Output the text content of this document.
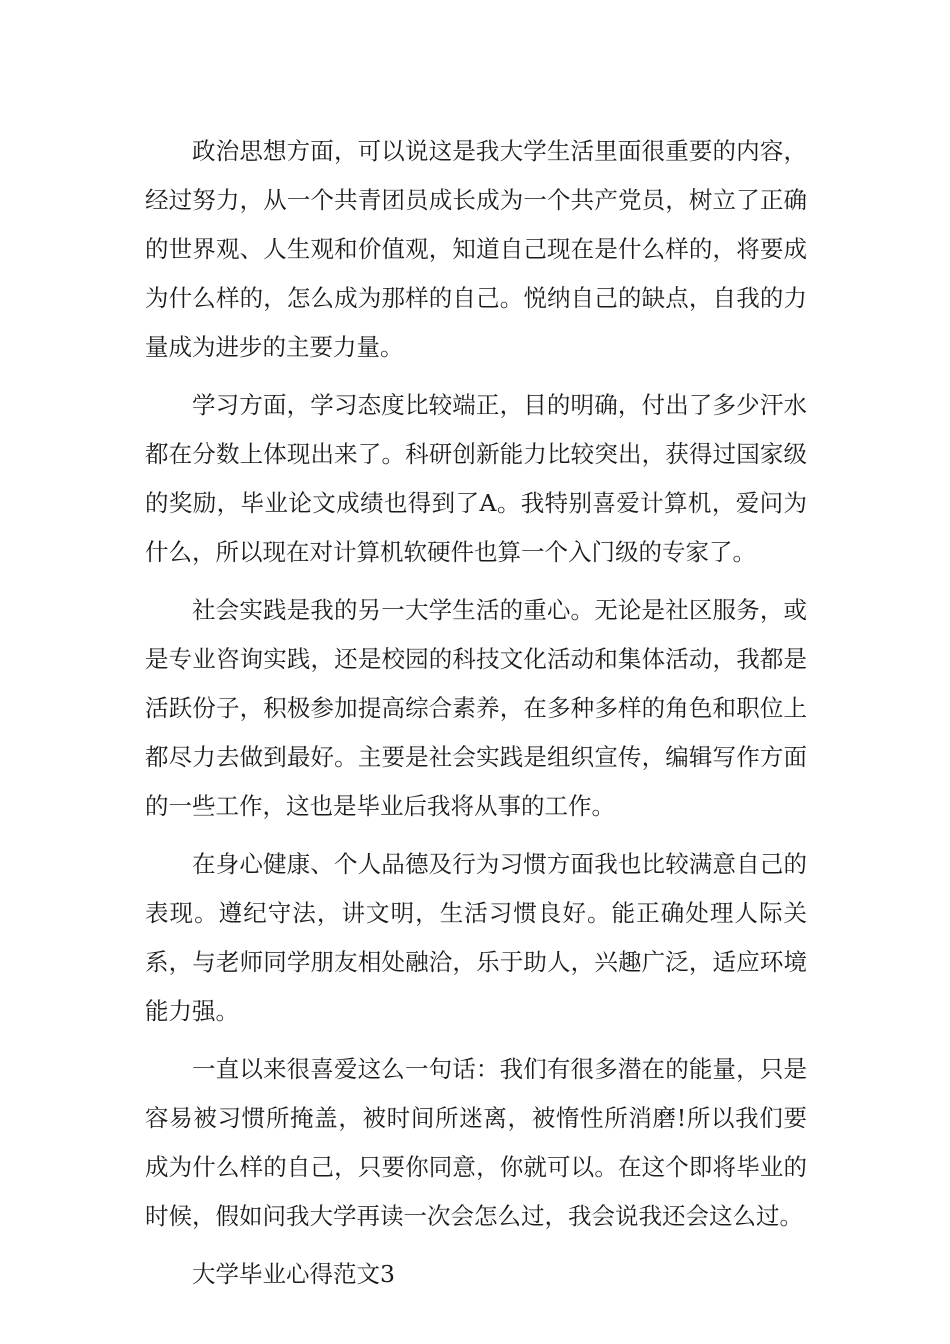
政治思想方面，可以说这是我大学生活里面很重要的内容，经过努力，从一个共青团员成长成为一个共产党员，树立了正确的世界观、人生观和价值观，知道自己现在是什么样的，将要成为什么样的，怎么成为那样的自己。悦纳自己的缺点，自我的力量成为进步的主要力量。

学习方面，学习态度比较端正，目的明确，付出了多少汗水都在分数上体现出来了。科研创新能力比较突出，获得过国家级的奖励，毕业论文成绩也得到了A。我特别喜爱计算机，爱问为什么，所以现在对计算机软硬件也算一个入门级的专家了。

社会实践是我的另一大学生活的重心。无论是社区服务，或是专业咨询实践，还是校园的科技文化活动和集体活动，我都是活跃份子，积极参加提高综合素养，在多种多样的角色和职位上都尽力去做到最好。主要是社会实践是组织宣传，编辑写作方面的一些工作，这也是毕业后我将从事的工作。

在身心健康、个人品德及行为习惯方面我也比较满意自己的表现。遵纪守法，讲文明，生活习惯良好。能正确处理人际关系，与老师同学朋友相处融洽，乐于助人，兴趣广泛，适应环境能力强。

一直以来很喜爱这么一句话：我们有很多潜在的能量，只是容易被习惯所掩盖，被时间所迷离，被惰性所消磨!所以我们要成为什么样的自己，只要你同意，你就可以。在这个即将毕业的时候，假如问我大学再读一次会怎么过，我会说我还会这么过。

大学毕业心得范文3
